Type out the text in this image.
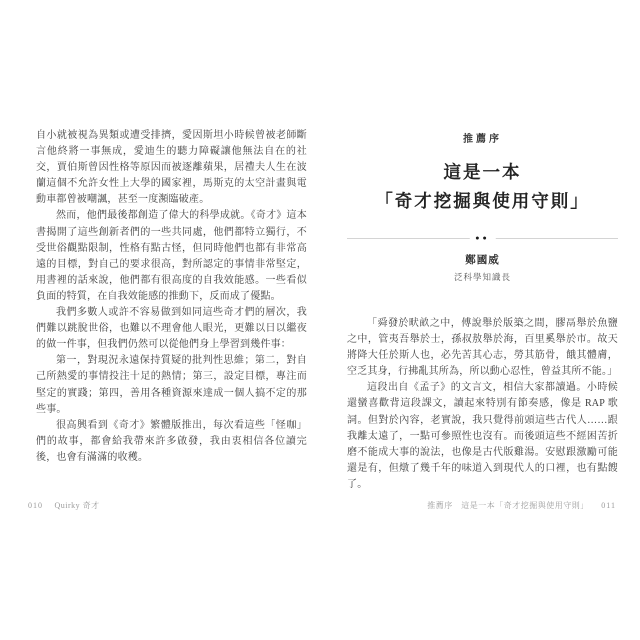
自小就被視為異類或遭受排擠，愛因斯坦小時候曾被老師斷言他終將一事無成，愛迪生的聽力障礙讓他無法自在的社交，賈伯斯曾因性格等原因而被逐離蘋果，居禮夫人生在波蘭這個不允許女性上大學的國家裡，馬斯克的太空計畫與電動車都曾被嘲諷，甚至一度瀕臨破產。

然而，他們最後都創造了偉大的科學成就。《奇才》這本書揭開了這些創新者們的一些共同處，他們都特立獨行，不受世俗觀點限制，性格有點古怪，但同時他們也都有非常高遠的目標，對自己的要求很高，對所認定的事情非常堅定，用書裡的話來說，他們都有很高度的自我效能感。一些看似負面的特質，在自我效能感的推動下，反而成了優點。

我們多數人或許不容易做到如同這些奇才們的層次，我們難以跳脫世俗，也難以不理會他人眼光，更難以日以繼夜的做一件事，但我們仍然可以從他們身上學習到幾件事：

第一，對現況永遠保持質疑的批判性思維；第二，對自己所熱愛的事情投注十足的熱情；第三，設定目標，專注而堅定的實踐；第四，善用各種資源來達成一個人搞不定的那些事。

很高興看到《奇才》繁體版推出，每次看這些「怪咖」們的故事，都會給我帶來許多啟發，我由衷相信各位讀完後，也會有滿滿的收穫。

推薦序
這是一本
「奇才挖掘與使用守則」
●●
鄭國威
泛科學知識長

「舜發於畎畝之中，傅說舉於版築之間，膠鬲舉於魚鹽之中，管夷吾舉於士，孫叔敖舉於海，百里奚舉於市。故天將降大任於斯人也，必先苦其心志，勞其筋骨，餓其體膚，空乏其身，行拂亂其所為，所以動心忍性，曾益其所不能。」

這段出自《孟子》的文言文，相信大家都讀過。小時候還蠻喜歡背這段課文，讀起來特別有節奏感，像是 RAP 歌詞。但對於內容，老實說，我只覺得前頭這些古代人……跟我離太遠了，一點可參照性也沒有。而後頭這些不經困苦折磨不能成大事的說法，也像是古代版雞湯。安慰跟激勵可能還是有，但燉了幾千年的味道入到現代人的口裡，也有點餿了。

010 Quirky 奇才	推薦序 這是一本「奇才挖掘與使用守則」 011
